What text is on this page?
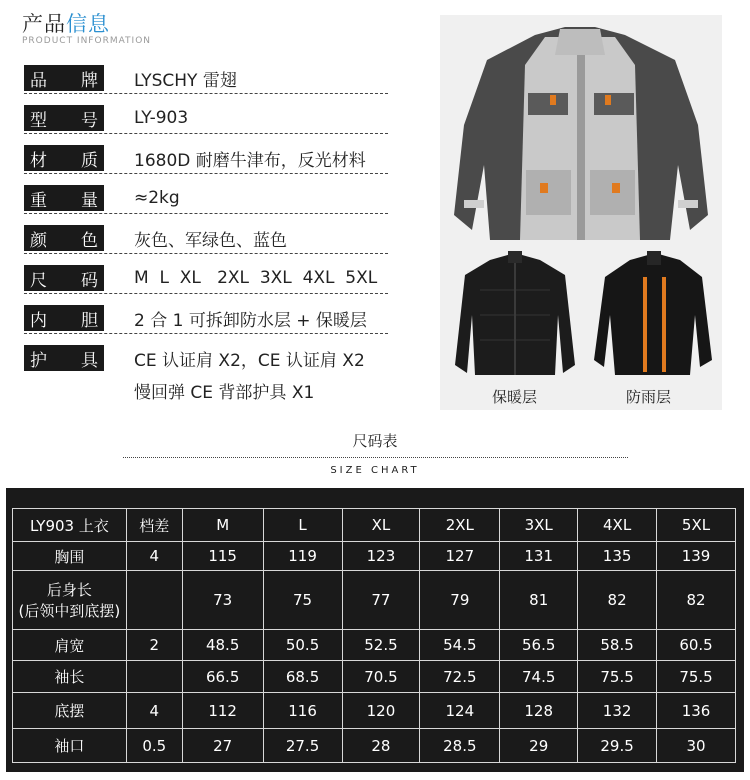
产品信息
PRODUCT INFORMATION
品 牌 LYSCHY 雷翅
型 号 LY-903
材 质 1680D 耐磨牛津布，反光材料
重 量 ≈2kg
颜 色 灰色、军绿色、蓝色
尺 码 M  L  XL   2XL  3XL  4XL  5XL
内 胆 2 合 1 可拆卸防水层 + 保暖层
护 具 CE 认证肩 X2，CE 认证肩 X2
慢回弹 CE 背部护具 X1	保暖层	防雨层
尺码表
SIZE CHART
LY903 上衣	档差	M	L	XL	2XL	3XL	4XL	5XL
胸围	4	115	119	123	127	131	135	139
后身长
(后领中到底摆)		73	75	77	79	81	82	82
肩宽	2	48.5	50.5	52.5	54.5	56.5	58.5	60.5
袖长		66.5	68.5	70.5	72.5	74.5	75.5	75.5
底摆	4	112	116	120	124	128	132	136
袖口	0.5	27	27.5	28	28.5	29	29.5	30
